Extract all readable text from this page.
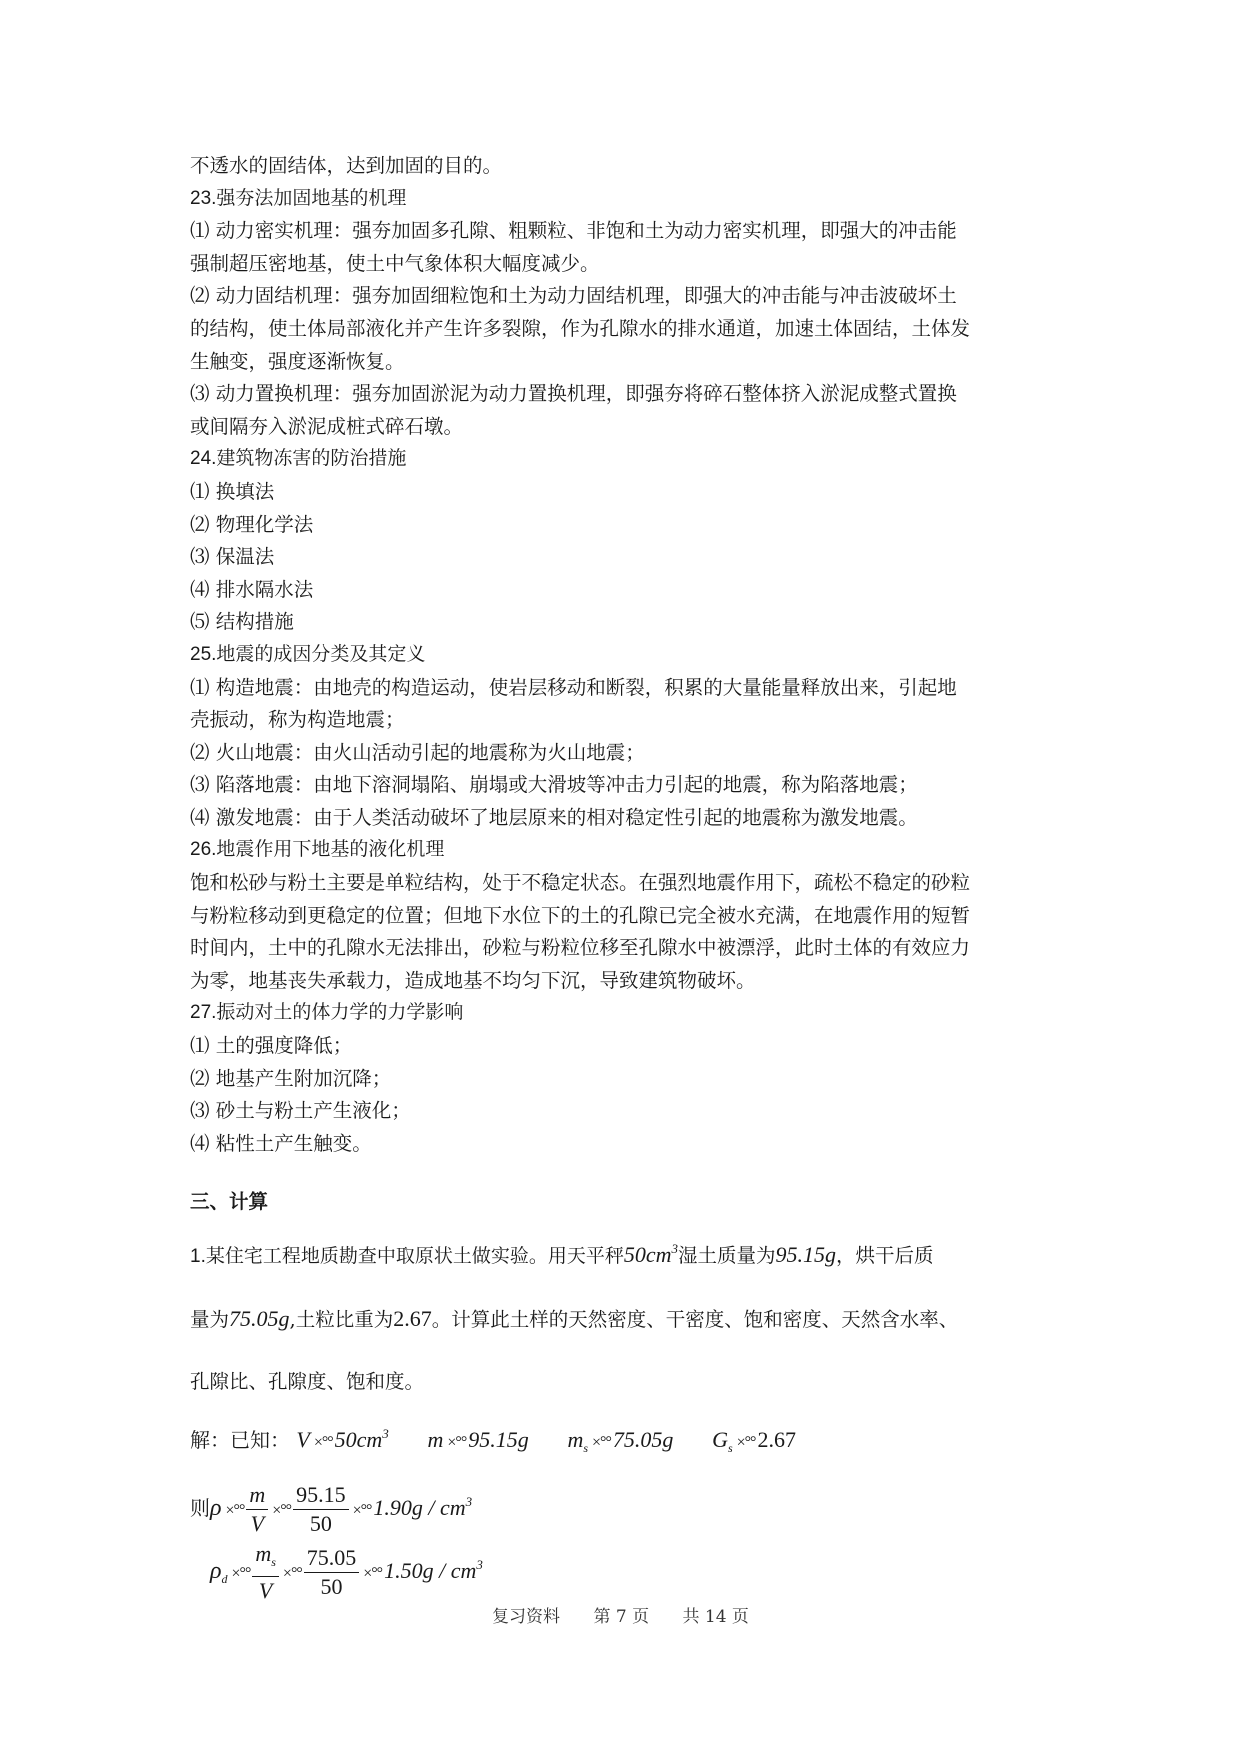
不透水的固结体，达到加固的目的。
23.强夯法加固地基的机理
⑴ 动力密实机理：强夯加固多孔隙、粗颗粒、非饱和土为动力密实机理，即强大的冲击能
强制超压密地基，使土中气象体积大幅度减少。
⑵ 动力固结机理：强夯加固细粒饱和土为动力固结机理，即强大的冲击能与冲击波破坏土
的结构，使土体局部液化并产生许多裂隙，作为孔隙水的排水通道，加速土体固结，土体发
生触变，强度逐渐恢复。
⑶ 动力置换机理：强夯加固淤泥为动力置换机理，即强夯将碎石整体挤入淤泥成整式置换
或间隔夯入淤泥成桩式碎石墩。
24.建筑物冻害的防治措施
⑴ 换填法
⑵ 物理化学法
⑶ 保温法
⑷ 排水隔水法
⑸ 结构措施
25.地震的成因分类及其定义
⑴ 构造地震：由地壳的构造运动，使岩层移动和断裂，积累的大量能量释放出来，引起地
壳振动，称为构造地震；
⑵ 火山地震：由火山活动引起的地震称为火山地震；
⑶ 陷落地震：由地下溶洞塌陷、崩塌或大滑坡等冲击力引起的地震，称为陷落地震；
⑷ 激发地震：由于人类活动破坏了地层原来的相对稳定性引起的地震称为激发地震。
26.地震作用下地基的液化机理
饱和松砂与粉土主要是单粒结构，处于不稳定状态。在强烈地震作用下，疏松不稳定的砂粒
与粉粒移动到更稳定的位置；但地下水位下的土的孔隙已完全被水充满，在地震作用的短暂
时间内，土中的孔隙水无法排出，砂粒与粉粒位移至孔隙水中被漂浮，此时土体的有效应力
为零，地基丧失承载力，造成地基不均匀下沉，导致建筑物破坏。
27.振动对土的体力学的力学影响
⑴ 土的强度降低；
⑵ 地基产生附加沉降；
⑶ 砂土与粉土产生液化；
⑷ 粘性土产生触变。
三、计算
1.某住宅工程地质勘查中取原状土做实验。用天平秤$50cm^3$湿土质量为95.15g，烘干后质
量为75.05g,土粒比重为2.67。计算此土样的天然密度、干密度、饱和密度、天然含水率、
孔隙比、孔隙度、饱和度。
解：已知： $V \times^\circ^\circ 50cm^3$ m ×°°95.15g $m_s \times^\circ^\circ 75.05g$ $G_s \times^\circ^\circ 2.67$
则ρ ×°° $\frac{m}{V}$ ×°° $\frac{95.15}{50} \times^\circ^\circ 1.90g / cm^3$
$\rho_d$ ×°° $\frac{m_s}{V}$ ×°° $\frac{75.05}{50} \times^\circ^\circ 1.50g / cm^3$
复习资料 第 7 页 共 14 页
